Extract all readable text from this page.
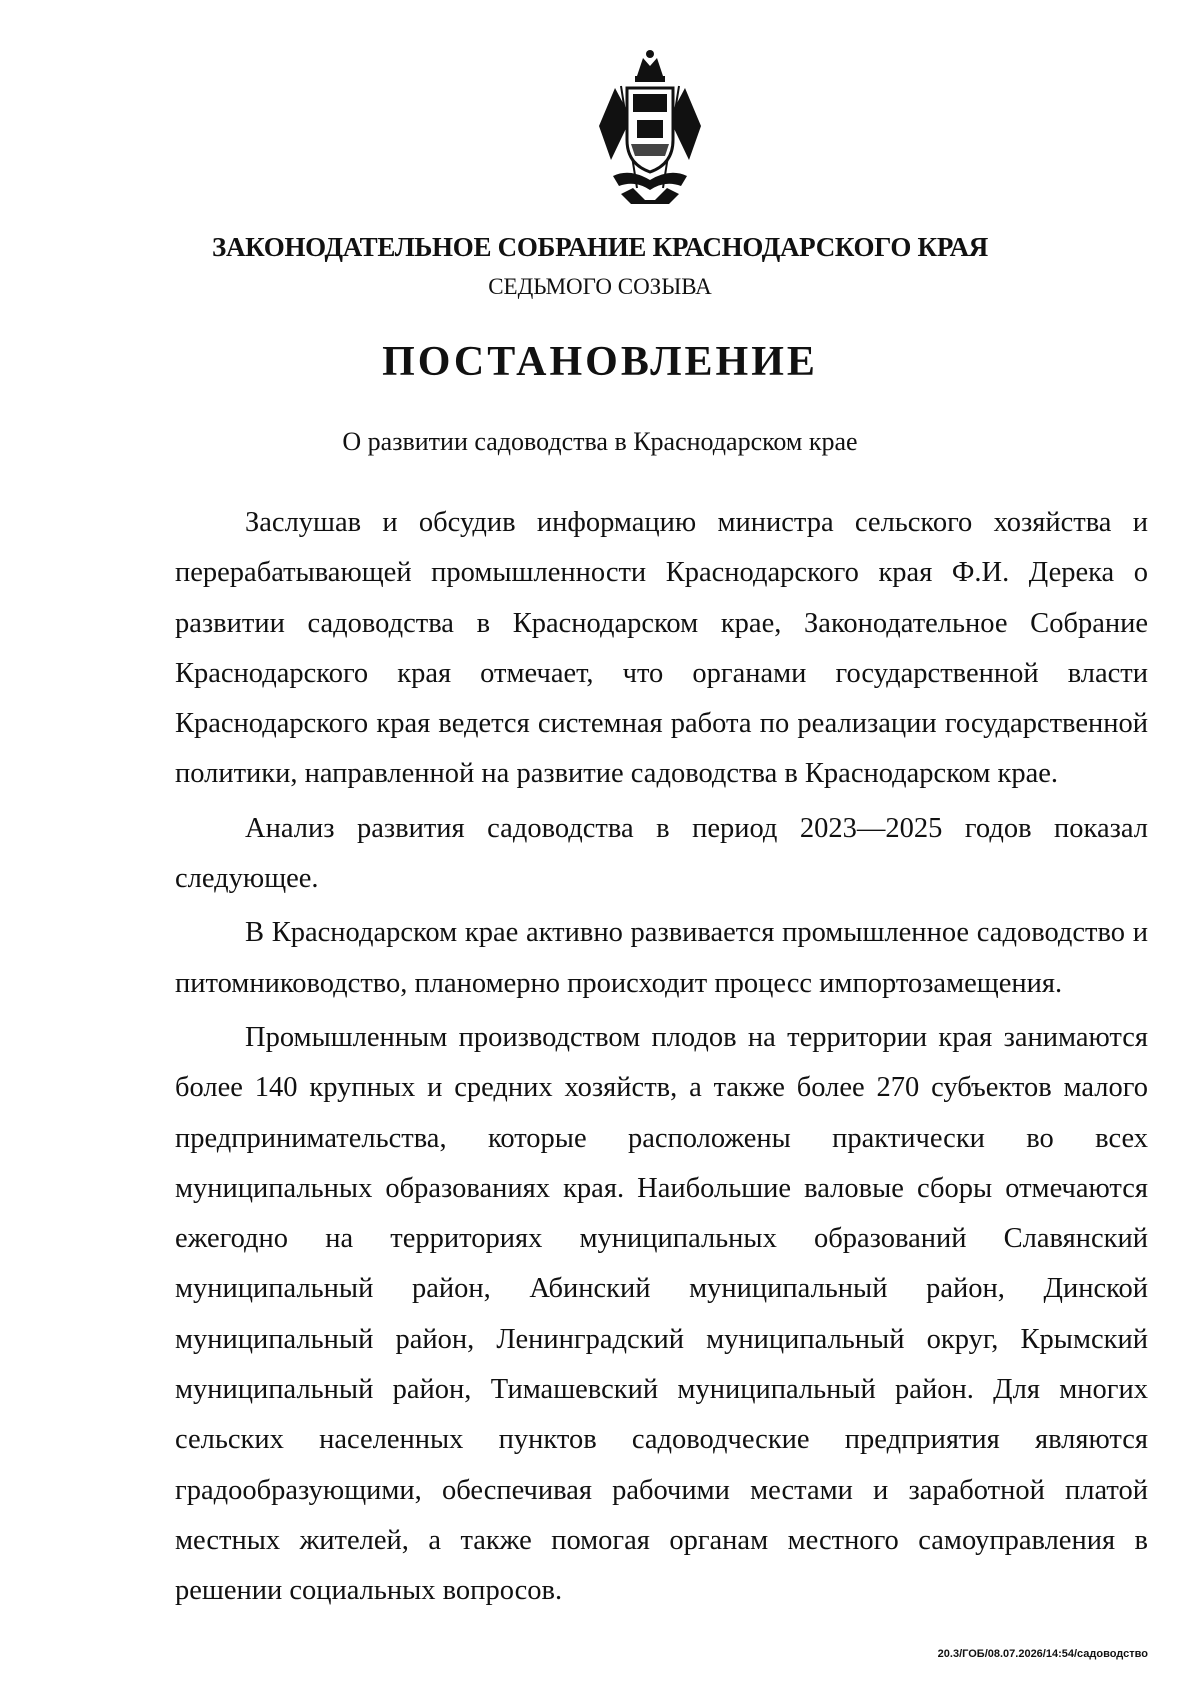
ЗАКОНОДАТЕЛЬНОЕ СОБРАНИЕ КРАСНОДАРСКОГО КРАЯ
СЕДЬМОГО СОЗЫВА
ПОСТАНОВЛЕНИЕ
О развитии садоводства в Краснодарском крае

Заслушав и обсудив информацию министра сельского хозяйства и перерабатывающей промышленности Краснодарского края Ф.И. Дерека о развитии садоводства в Краснодарском крае, Законодательное Собрание Краснодарского края отмечает, что органами государственной власти Краснодарского края ведется системная работа по реализации государственной политики, направленной на развитие садоводства в Краснодарском крае.

Анализ развития садоводства в период 2023—2025 годов показал следующее.

В Краснодарском крае активно развивается промышленное садоводство и питомниководство, планомерно происходит процесс импортозамещения.

Промышленным производством плодов на территории края занимаются более 140 крупных и средних хозяйств, а также более 270 субъектов малого предпринимательства, которые расположены практически во всех муниципальных образованиях края. Наибольшие валовые сборы отмечаются ежегодно на территориях муниципальных образований Славянский муниципальный район, Абинский муниципальный район, Динской муниципальный район, Ленинградский муниципальный округ, Крымский муниципальный район, Тимашевский муниципальный район. Для многих сельских населенных пунктов садоводческие предприятия являются градообразующими, обеспечивая рабочими местами и заработной платой местных жителей, а также помогая органам местного самоуправления в решении социальных вопросов.

20.3/ГОБ/08.07.2026/14:54/садоводство
